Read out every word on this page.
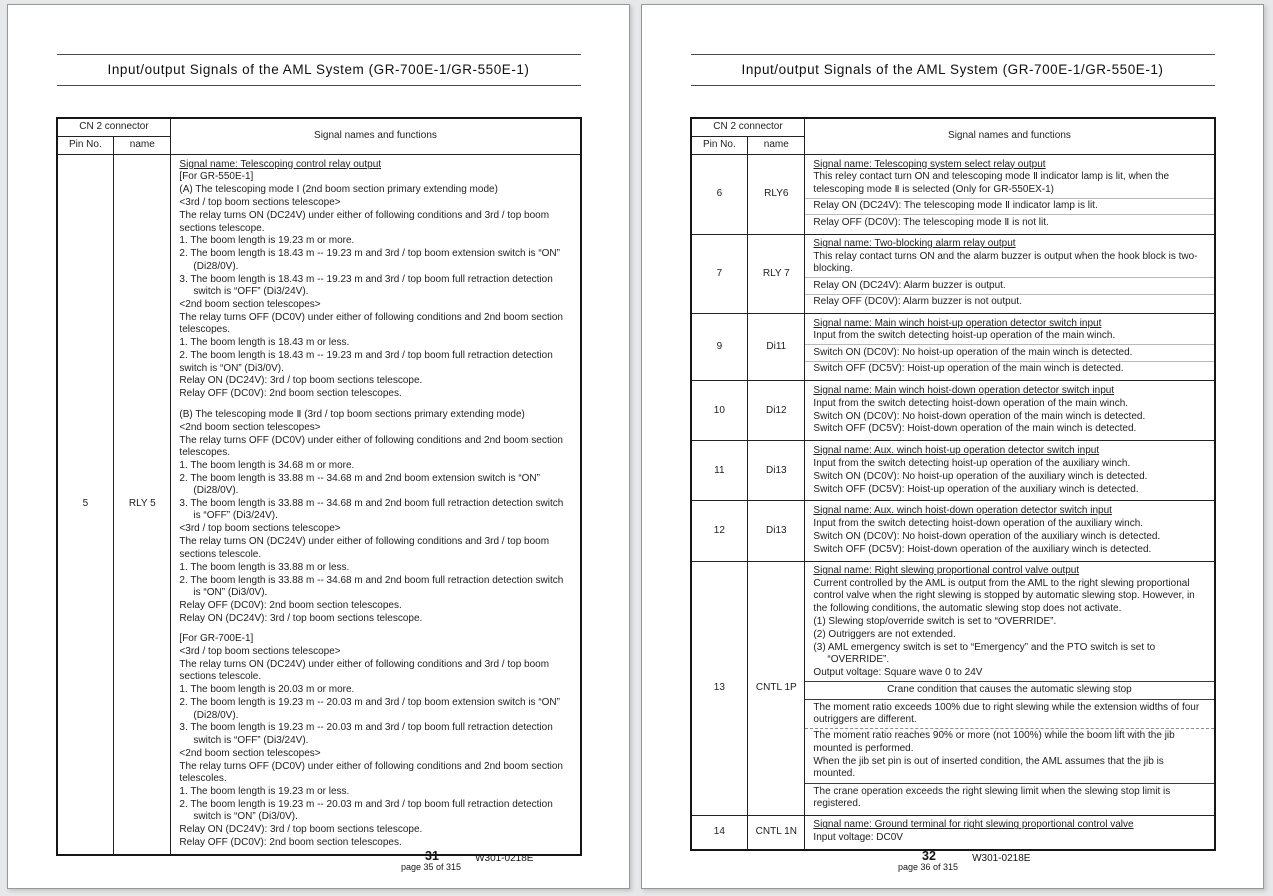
Input/output Signals of the AML System (GR-700E-1/GR-550E-1)
CN 2 connector		Signal names and functions
Pin No.	name	
5	RLY 5	
Signal name: Telescoping control relay output
[For GR-550E-1]
(A) The telescoping mode Ⅰ (2nd boom section primary extending mode)
<3rd / top boom sections telescope>
The relay turns ON (DC24V) under either of following conditions and 3rd / top boom sections telescope.
1. The boom length is 19.23 m or more.
2. The boom length is 18.43 m -- 19.23 m and 3rd / top boom extension switch is “ON” (Di28/0V).
3. The boom length is 18.43 m -- 19.23 m and 3rd / top boom full retraction detection switch is “OFF” (Di3/24V).
<2nd boom section telescopes>
The relay turns OFF (DC0V) under either of following conditions and 2nd boom section telescopes.
1. The boom length is 18.43 m or less.
2. The boom length is 18.43 m -- 19.23 m and 3rd / top boom full retraction detection switch is “ON” (Di3/0V).
Relay ON (DC24V): 3rd / top boom sections telescope.
Relay OFF (DC0V): 2nd boom section telescopes.
(B) The telescoping mode Ⅱ (3rd / top boom sections primary extending mode)
<2nd boom section telescopes>
The relay turns OFF (DC0V) under either of following conditions and 2nd boom section telescopes.
1. The boom length is 34.68 m or more.
2. The boom length is 33.88 m -- 34.68 m and 2nd boom extension switch is “ON” (Di28/0V).
3. The boom length is 33.88 m -- 34.68 m and 2nd boom full retraction detection switch is “OFF” (Di3/24V).
<3rd / top boom sections telescope>
The relay turns ON (DC24V) under either of following conditions and 3rd / top boom sections telescole.
1. The boom length is 33.88 m or less.
2. The boom length is 33.88 m -- 34.68 m and 2nd boom full retraction detection switch is “ON” (Di3/0V).
Relay OFF (DC0V): 2nd boom section telescopes.
Relay ON (DC24V): 3rd / top boom sections telescope.
[For GR-700E-1]
<3rd / top boom sections telescope>
The relay turns ON (DC24V) under either of following conditions and 3rd / top boom sections telescole.
1. The boom length is 20.03 m or more.
2. The boom length is 19.23 m -- 20.03 m and 3rd / top boom extension switch is “ON” (Di28/0V).
3. The boom length is 19.23 m -- 20.03 m and 3rd / top boom full retraction detection switch is “OFF” (Di3/24V).
<2nd boom section telescopes>
The relay turns OFF (DC0V) under either of following conditions and 2nd boom section telescoles.
1. The boom length is 19.23 m or less.
2. The boom length is 19.23 m -- 20.03 m and 3rd / top boom full retraction detection switch is “ON” (Di3/0V).
Relay ON (DC24V): 3rd / top boom sections telescope.
Relay OFF (DC0V): 2nd boom section telescopes.
31
page 35 of 315
W301-0218E
Input/output Signals of the AML System (GR-700E-1/GR-550E-1)
CN 2 connector		Signal names and functions
Pin No.	name	
6	RLY6	Signal name: Telescoping system select relay output
This reley contact turn ON and telescoping mode Ⅱ indicator lamp is lit, when the telescoping mode Ⅱ is selected (Only for GR-550EX-1)
Relay ON (DC24V): The telescoping mode Ⅱ indicator lamp is lit.
Relay OFF (DC0V): The telescoping mode Ⅱ is not lit.

7	RLY 7	Signal name: Two-blocking alarm relay output
This relay contact turns ON and the alarm buzzer is output when the hook block is two-blocking.
Relay ON (DC24V): Alarm buzzer is output.
Relay OFF (DC0V): Alarm buzzer is not output.

9	Di11	Signal name: Main winch hoist-up operation detector switch input
Input from the switch detecting hoist-up operation of the main winch.
Switch ON (DC0V): No hoist-up operation of the main winch is detected.
Switch OFF (DC5V): Hoist-up operation of the main winch is detected.

10	Di12	Signal name: Main winch hoist-down operation detector switch input
Input from the switch detecting hoist-down operation of the main winch.
Switch ON (DC0V): No hoist-down operation of the main winch is detected.
Switch OFF (DC5V): Hoist-down operation of the main winch is detected.

11	Di13	Signal name: Aux. winch hoist-up operation detector switch input
Input from the switch detecting hoist-up operation of the auxiliary winch.
Switch ON (DC0V): No hoist-up operation of the auxiliary winch is detected.
Switch OFF (DC5V): Hoist-up operation of the auxiliary winch is detected.

12	Di13	Signal name: Aux. winch hoist-down operation detector switch input
Input from the switch detecting hoist-down operation of the auxiliary winch.
Switch ON (DC0V): No hoist-down operation of the auxiliary winch is detected.
Switch OFF (DC5V): Hoist-down operation of the auxiliary winch is detected.

13	CNTL 1P	
Signal name: Right slewing proportional control valve output
Current controlled by the AML is output from the AML to the right slewing proportional control valve when the right slewing is stopped by automatic slewing stop. However, in the following conditions, the automatic slewing stop does not activate.
(1) Slewing stop/override switch is set to “OVERRIDE”.
(2) Outriggers are not extended.
(3) AML emergency switch is set to “Emergency” and the PTO switch is set to “OVERRIDE”.
Output voltage: Square wave 0 to 24V
Crane condition that causes the automatic slewing stop
The moment ratio exceeds 100% due to right slewing while the extension widths of four outriggers are different.
The moment ratio reaches 90% or more (not 100%) while the boom lift with the jib mounted is performed.
When the jib set pin is out of inserted condition, the AML assumes that the jib is mounted.
The crane operation exceeds the right slewing limit when the slewing stop limit is registered.

14	CNTL 1N	Signal name: Ground terminal for right slewing proportional control valve
Input voltage: DC0V
32
page 36 of 315
W301-0218E
